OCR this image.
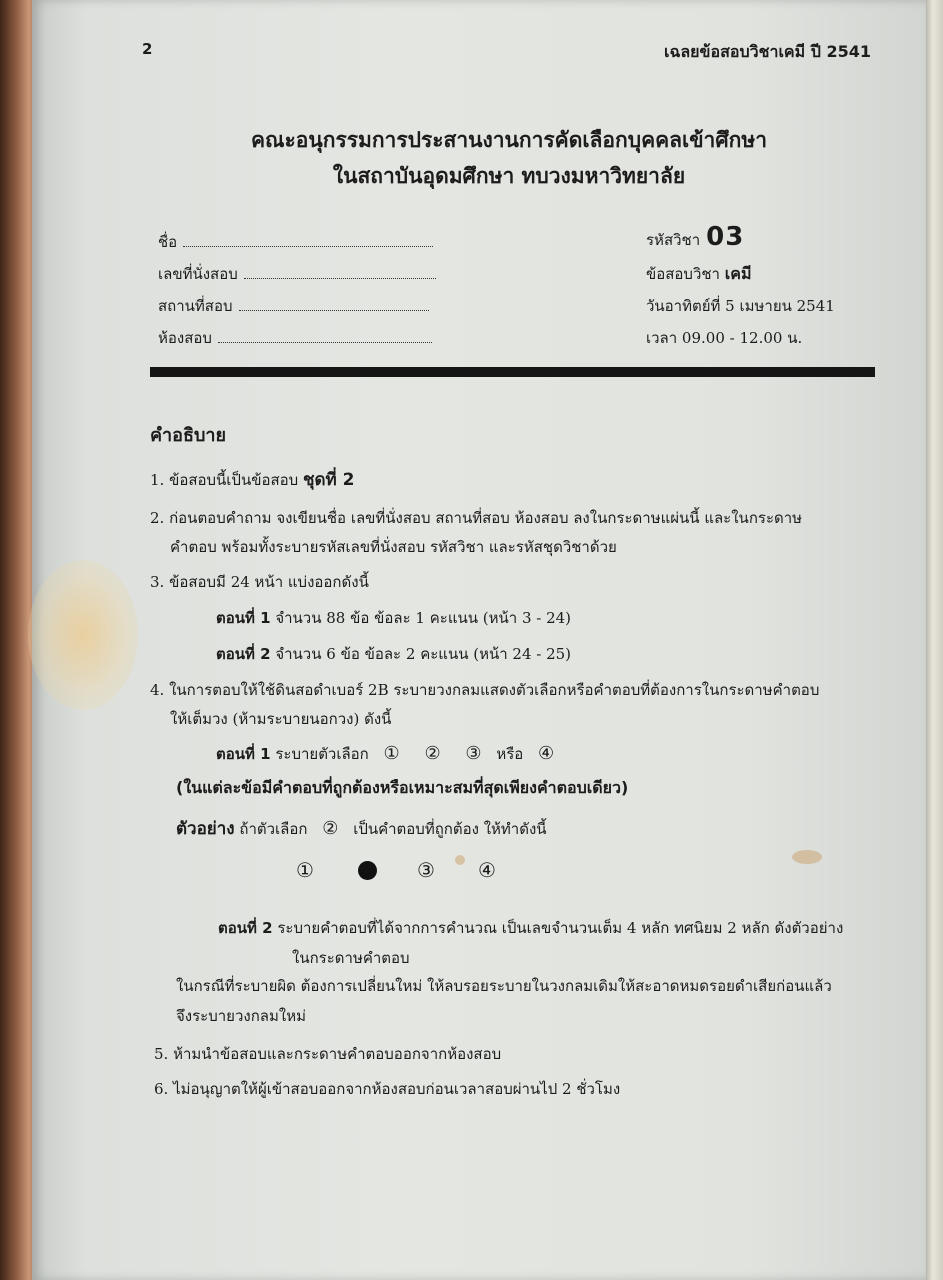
2	เฉลยข้อสอบวิชาเคมี ปี 2541
คณะอนุกรรมการประสานงานการคัดเลือกบุคคลเข้าศึกษา
ในสถาบันอุดมศึกษา ทบวงมหาวิทยาลัย
ชื่อ
เลขที่นั่งสอบ
สถานที่สอบ
ห้องสอบ
รหัสวิชา 03
ข้อสอบวิชา เคมี
วันอาทิตย์ที่ 5 เมษายน 2541
เวลา 09.00 - 12.00 น.
คำอธิบาย
1. ข้อสอบนี้เป็นข้อสอบ ชุดที่ 2
2. ก่อนตอบคำถาม จงเขียนชื่อ เลขที่นั่งสอบ สถานที่สอบ ห้องสอบ ลงในกระดาษแผ่นนี้ และในกระดาษ
คำตอบ พร้อมทั้งระบายรหัสเลขที่นั่งสอบ รหัสวิชา และรหัสชุดวิชาด้วย
3. ข้อสอบมี 24 หน้า แบ่งออกดังนี้
ตอนที่ 1 จำนวน 88 ข้อ ข้อละ 1 คะแนน (หน้า 3 - 24)
ตอนที่ 2 จำนวน 6 ข้อ ข้อละ 2 คะแนน (หน้า 24 - 25)
4. ในการตอบให้ใช้ดินสอดำเบอร์ 2B ระบายวงกลมแสดงตัวเลือกหรือคำตอบที่ต้องการในกระดาษคำตอบ
ให้เต็มวง (ห้ามระบายนอกวง) ดังนี้
ตอนที่ 1 ระบายตัวเลือก ① ② ③ หรือ ④
(ในแต่ละข้อมีคำตอบที่ถูกต้องหรือเหมาะสมที่สุดเพียงคำตอบเดียว)
ตัวอย่าง ถ้าตัวเลือก ② เป็นคำตอบที่ถูกต้อง ให้ทำดังนี้
①	③ ④
ตอนที่ 2 ระบายคำตอบที่ได้จากการคำนวณ เป็นเลขจำนวนเต็ม 4 หลัก ทศนิยม 2 หลัก ดังตัวอย่าง
ในกระดาษคำตอบ
ในกรณีที่ระบายผิด ต้องการเปลี่ยนใหม่ ให้ลบรอยระบายในวงกลมเดิมให้สะอาดหมดรอยดำเสียก่อนแล้ว
จึงระบายวงกลมใหม่
5. ห้ามนำข้อสอบและกระดาษคำตอบออกจากห้องสอบ
6. ไม่อนุญาตให้ผู้เข้าสอบออกจากห้องสอบก่อนเวลาสอบผ่านไป 2 ชั่วโมง
